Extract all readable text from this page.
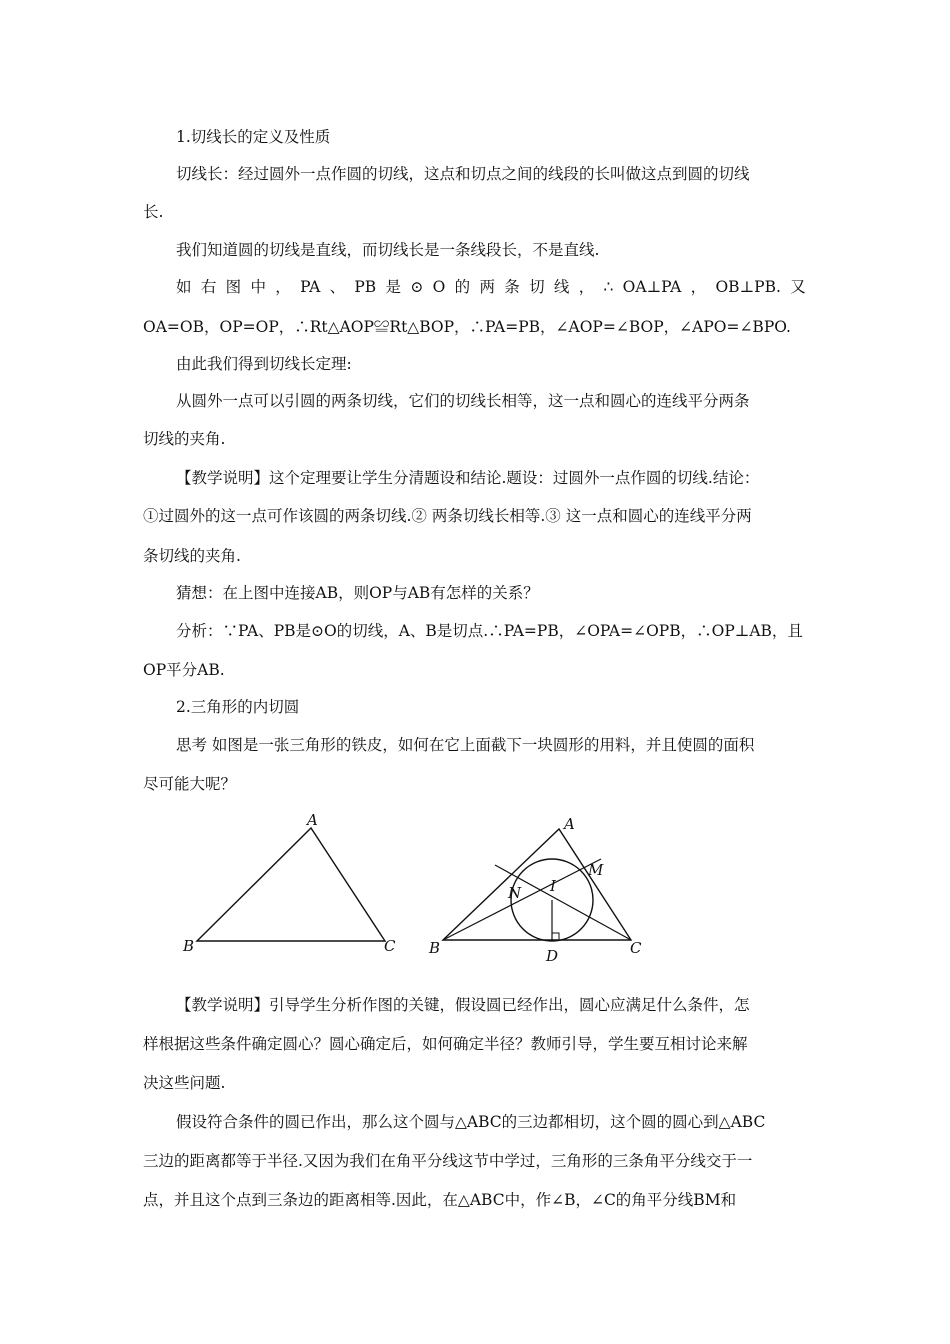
1.切线长的定义及性质
切线长：经过圆外一点作圆的切线，这点和切点之间的线段的长叫做这点到圆的切线
长.
我们知道圆的切线是直线，而切线长是一条线段长，不是直线.
如 右 图 中 ， PA 、 PB 是 ⊙ O 的 两 条 切 线 ， ∴ OA⊥PA ， OB⊥PB. 又
OA=OB，OP=OP，∴Rt△AOP≌Rt△BOP，∴PA=PB，∠AOP=∠BOP，∠APO=∠BPO.
由此我们得到切线长定理:
从圆外一点可以引圆的两条切线，它们的切线长相等，这一点和圆心的连线平分两条
切线的夹角.
【教学说明】这个定理要让学生分清题设和结论.题设：过圆外一点作圆的切线.结论：
①过圆外的这一点可作该圆的两条切线.② 两条切线长相等.③ 这一点和圆心的连线平分两
条切线的夹角.
猜想：在上图中连接AB，则OP与AB有怎样的关系？
分析：∵PA、PB是⊙O的切线，A、B是切点.∴PA=PB，∠OPA=∠OPB，∴OP⊥AB，且
OP平分AB.
2.三角形的内切圆
思考 如图是一张三角形的铁皮，如何在它上面截下一块圆形的用料，并且使圆的面积
尽可能大呢？
A
B	C
A
B	C
D
I
M
N
【教学说明】引导学生分析作图的关键，假设圆已经作出，圆心应满足什么条件，怎
样根据这些条件确定圆心？圆心确定后，如何确定半径？教师引导，学生要互相讨论来解
决这些问题.
假设符合条件的圆已作出，那么这个圆与△ABC的三边都相切，这个圆的圆心到△ABC
三边的距离都等于半径.又因为我们在角平分线这节中学过，三角形的三条角平分线交于一
点，并且这个点到三条边的距离相等.因此，在△ABC中，作∠B，∠C的角平分线BM和
